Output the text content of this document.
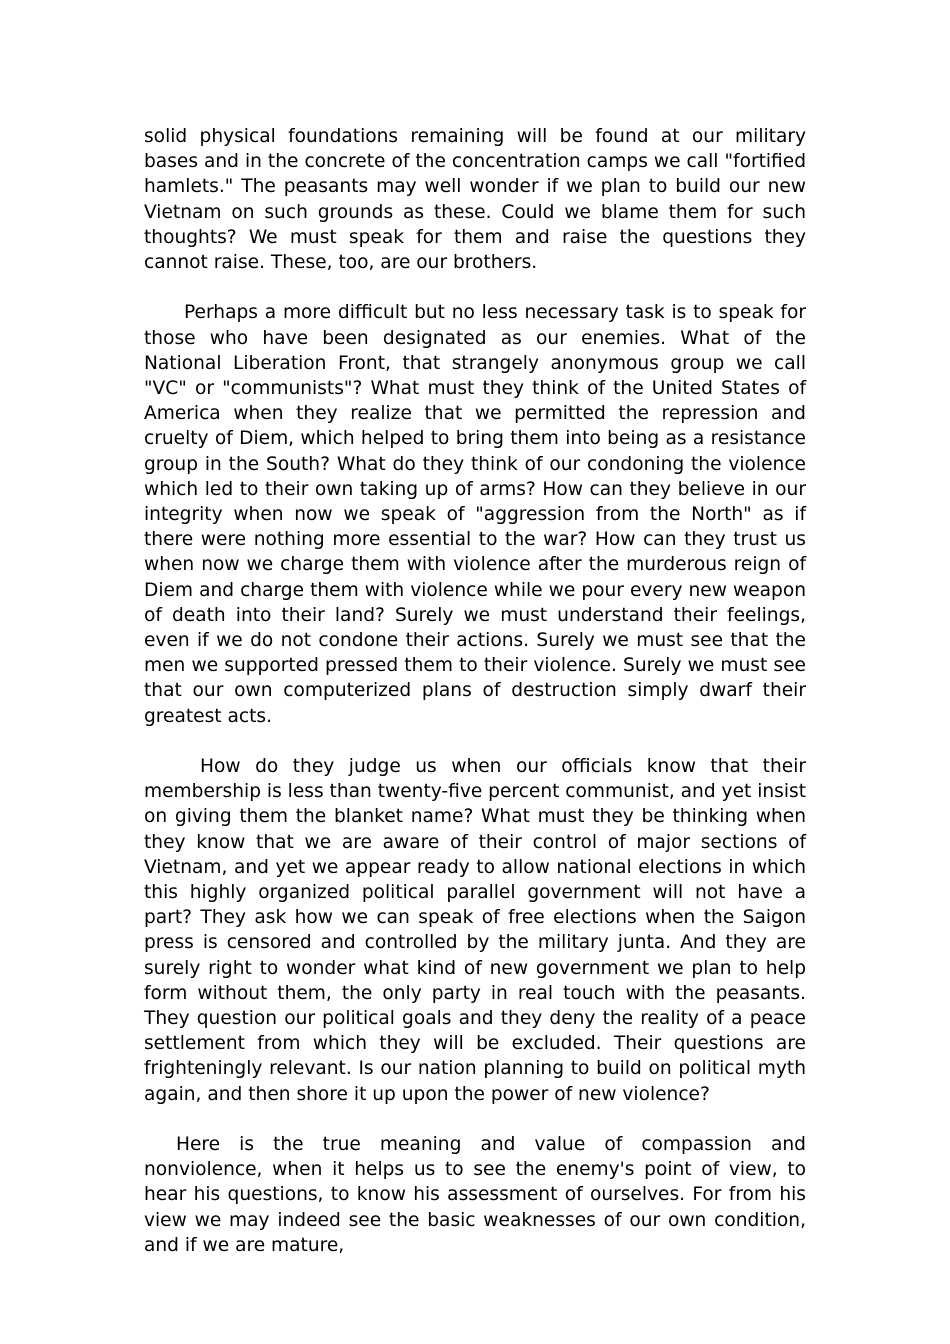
solid physical foundations remaining will be found at our military bases and in the concrete of the concentration camps we call "fortified hamlets." The peasants may well wonder if we plan to build our new Vietnam on such grounds as these. Could we blame them for such thoughts? We must speak for them and raise the questions they cannot raise. These, too, are our brothers.

Perhaps a more difficult but no less necessary task is to speak for those who have been designated as our enemies. What of the National Liberation Front, that strangely anonymous group we call "VC" or "communists"? What must they think of the United States of America when they realize that we permitted the repression and cruelty of Diem, which helped to bring them into being as a resistance group in the South? What do they think of our condoning the violence which led to their own taking up of arms? How can they believe in our integrity when now we speak of "aggression from the North" as if there were nothing more essential to the war? How can they trust us when now we charge them with violence after the murderous reign of Diem and charge them with violence while we pour every new weapon of death into their land? Surely we must understand their feelings, even if we do not condone their actions. Surely we must see that the men we supported pressed them to their violence. Surely we must see that our own computerized plans of destruction simply dwarf their greatest acts.

How do they judge us when our officials know that their membership is less than twenty-five percent communist, and yet insist on giving them the blanket name? What must they be thinking when they know that we are aware of their control of major sections of Vietnam, and yet we appear ready to allow national elections in which this highly organized political parallel government will not have a part? They ask how we can speak of free elections when the Saigon press is censored and controlled by the military junta. And they are surely right to wonder what kind of new government we plan to help form without them, the only party in real touch with the peasants. They question our political goals and they deny the reality of a peace settlement from which they will be excluded. Their questions are frighteningly relevant. Is our nation planning to build on political myth again, and then shore it up upon the power of new violence?

Here is the true meaning and value of compassion and nonviolence, when it helps us to see the enemy's point of view, to hear his questions, to know his assessment of ourselves. For from his view we may indeed see the basic weaknesses of our own condition, and if we are mature,
